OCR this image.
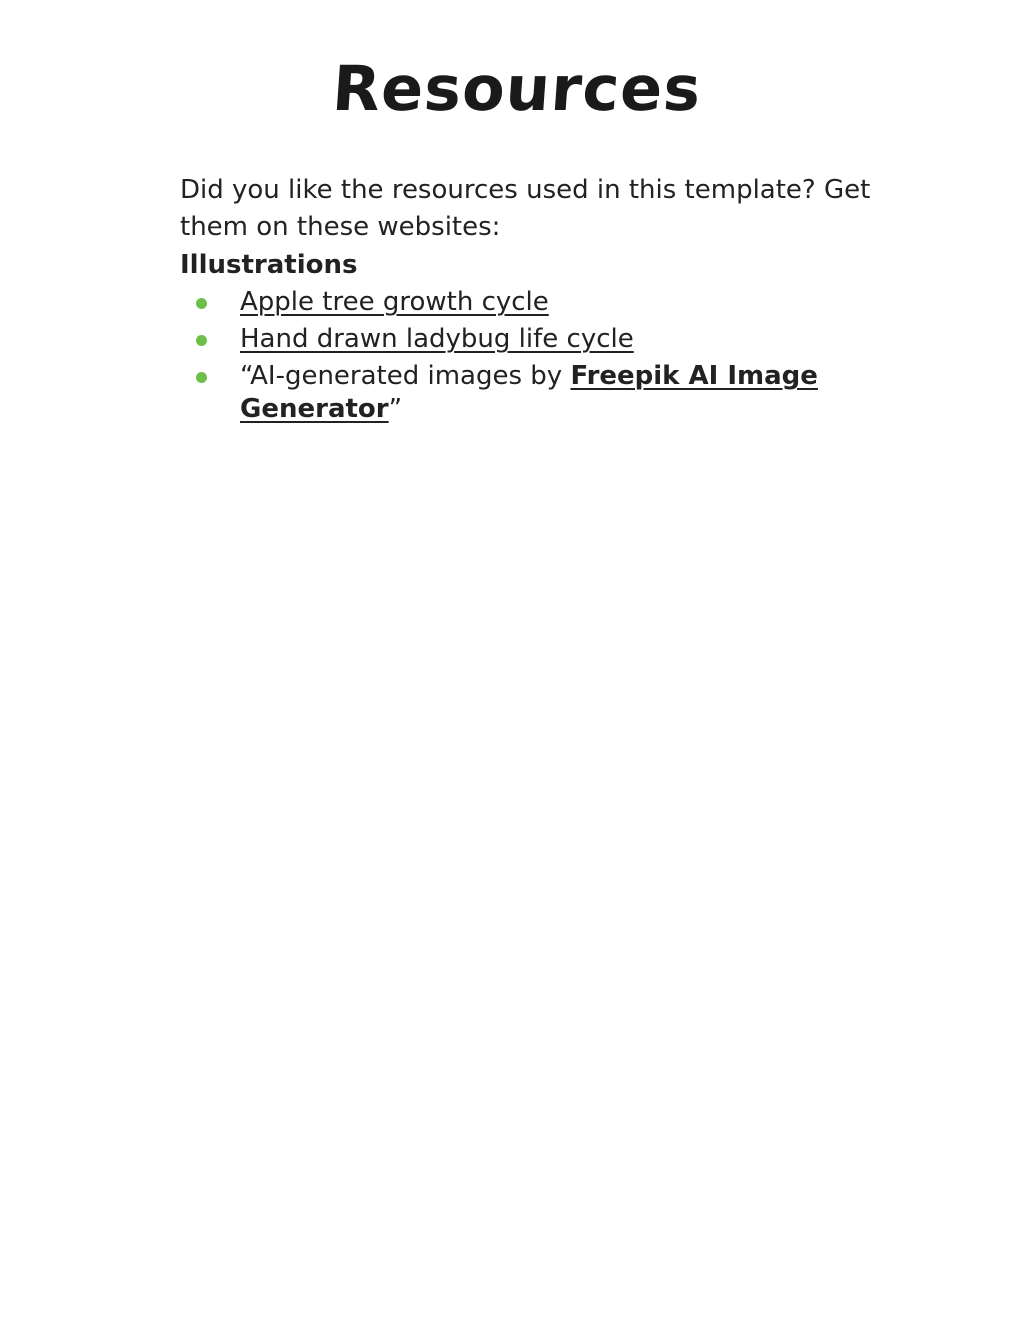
Resources

Did you like the resources used in this template? Get them on these websites:

Illustrations

Apple tree growth cycle
Hand drawn ladybug life cycle
“AI-generated images by Freepik AI Image Generator”
